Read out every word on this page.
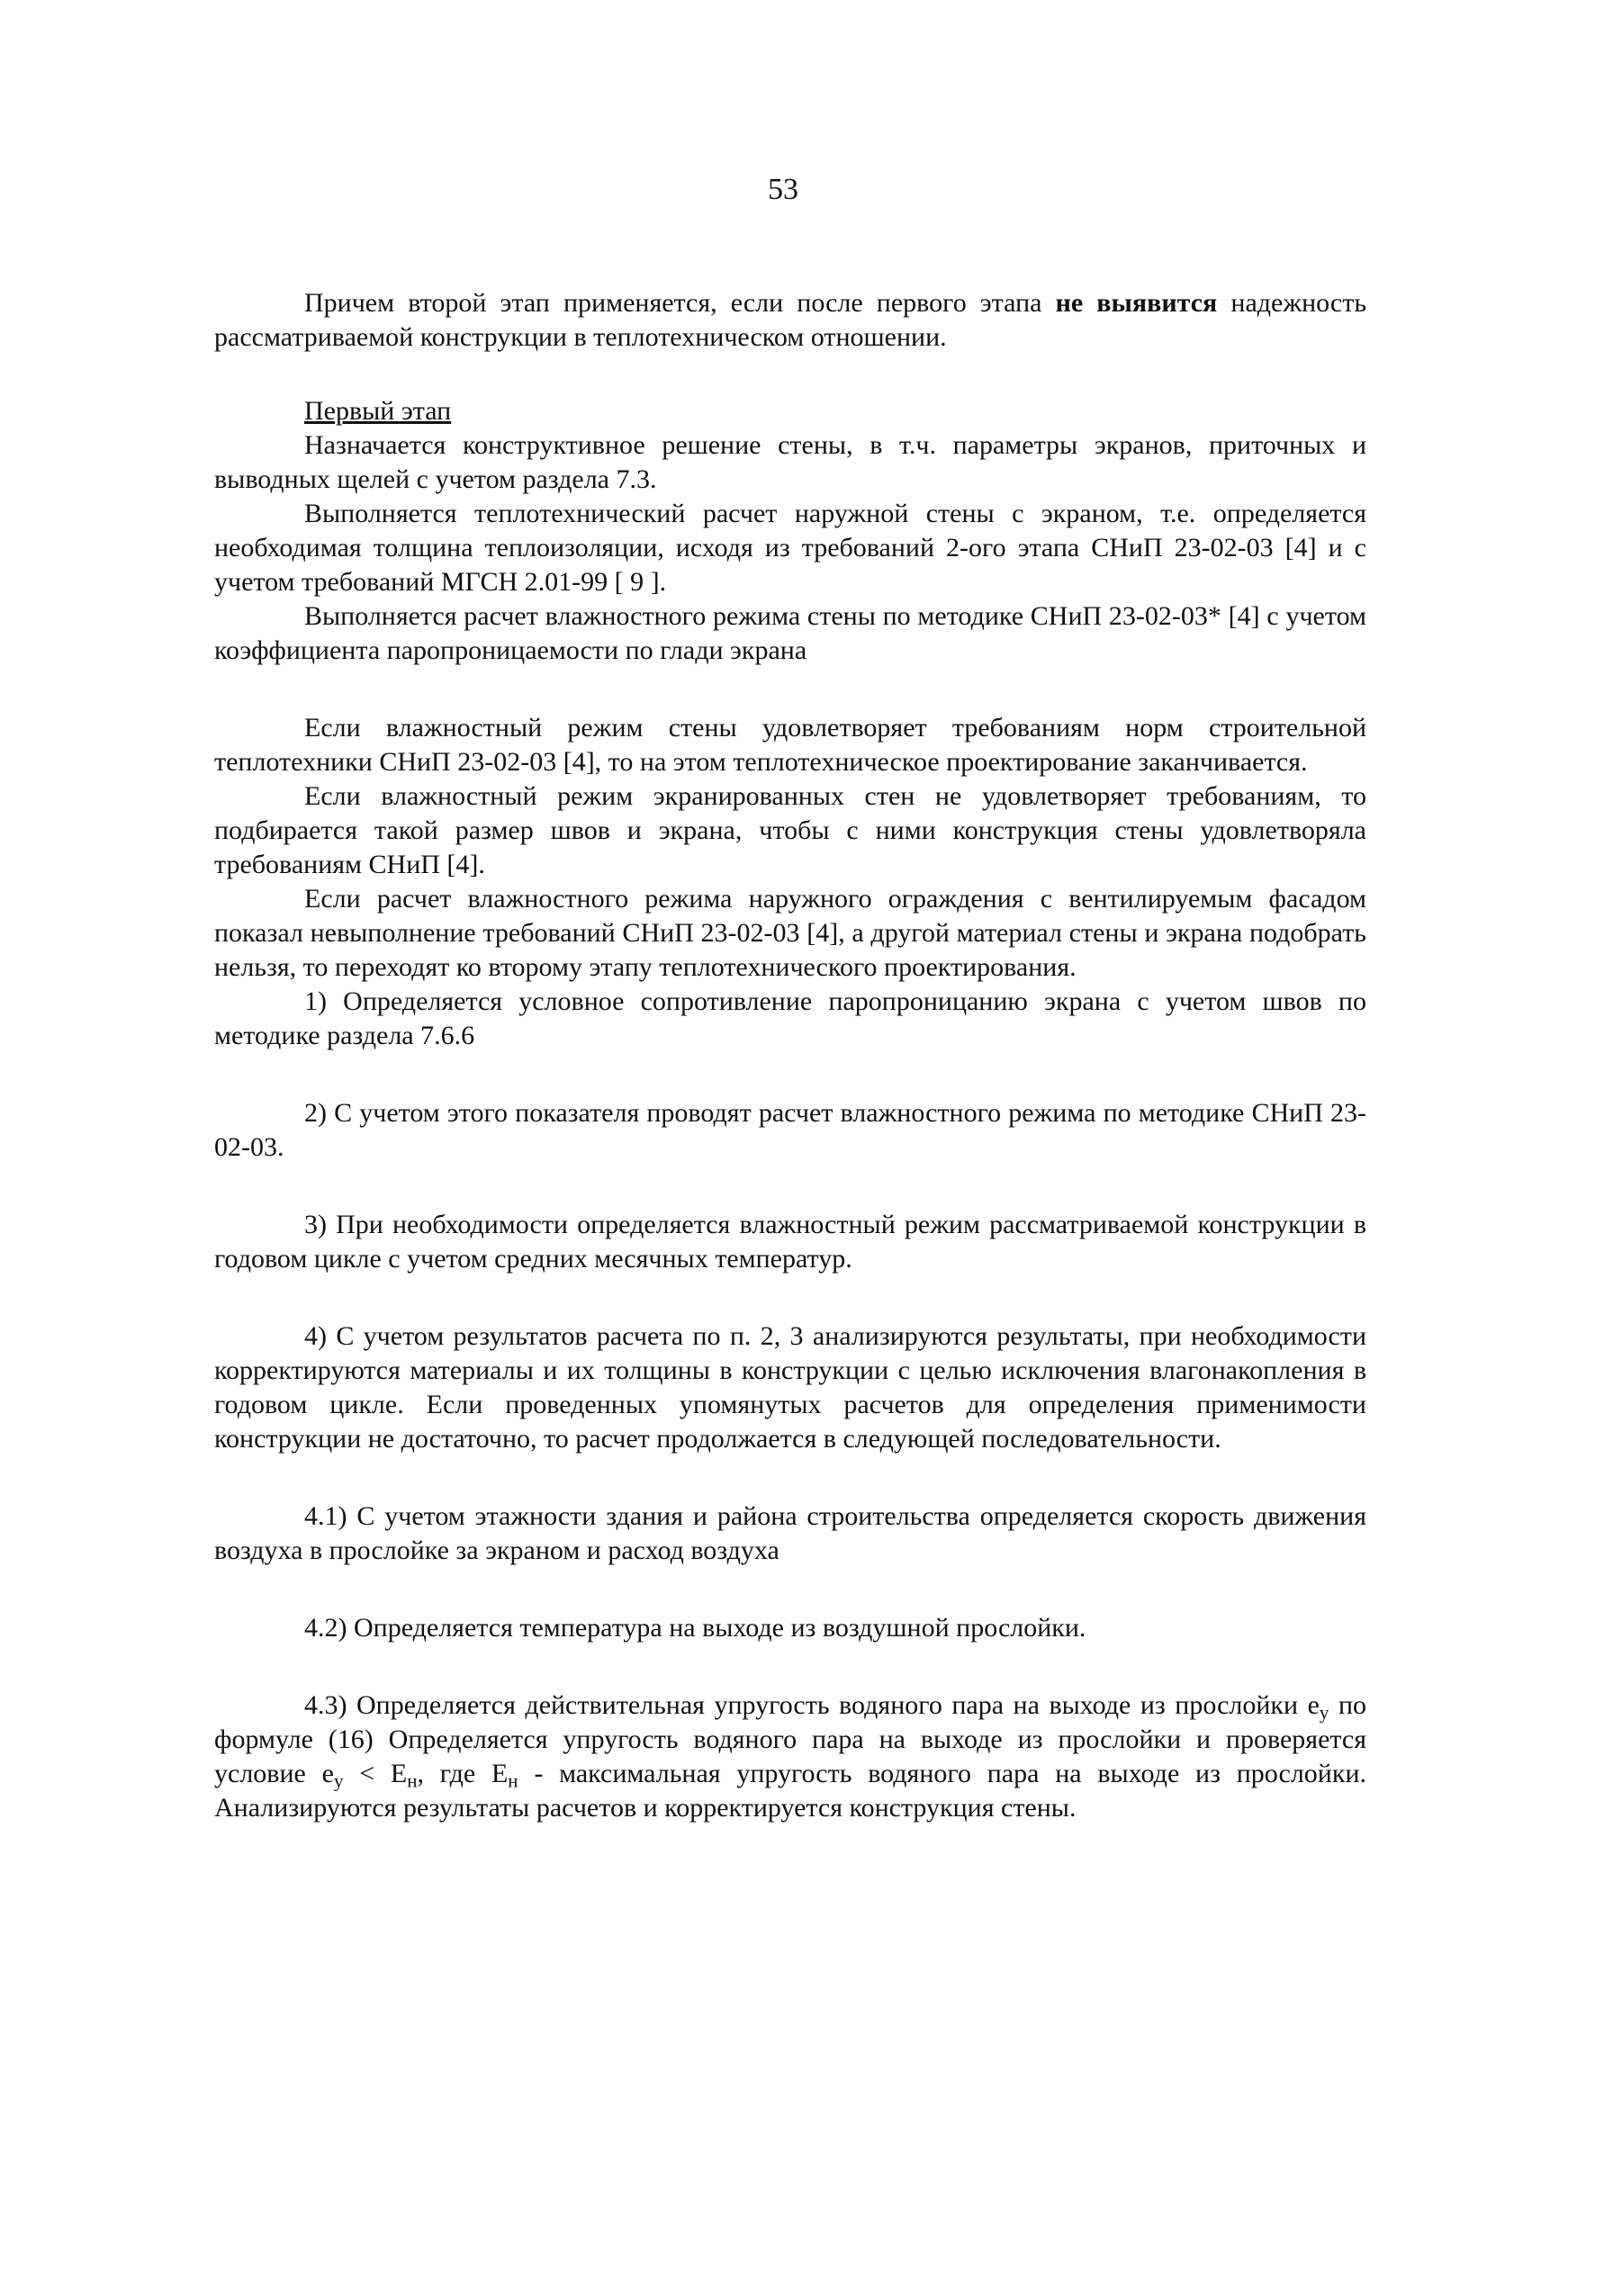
53

Причем второй этап применяется, если после первого этапа не выявится надежность рассматриваемой конструкции в теплотехническом отношении.

Первый этап

Назначается конструктивное решение стены, в т.ч. параметры экранов, приточных и выводных щелей с учетом раздела 7.3.

Выполняется теплотехнический расчет наружной стены с экраном, т.е. определяется необходимая толщина теплоизоляции, исходя из требований 2-ого этапа СНиП 23-02-03 [4] и с учетом требований МГСН 2.01-99 [ 9 ].

Выполняется расчет влажностного режима стены по методике СНиП 23-02-03* [4] с учетом коэффициента паропроницаемости по глади экрана

Если влажностный режим стены удовлетворяет требованиям норм строительной теплотехники СНиП 23-02-03 [4], то на этом теплотехническое проектирование заканчивается.

Если влажностный режим экранированных стен не удовлетворяет требованиям, то подбирается такой размер швов и экрана, чтобы с ними конструкция стены удовлетворяла требованиям СНиП [4].

Если расчет влажностного режима наружного ограждения с вентилируемым фасадом показал невыполнение требований СНиП 23-02-03 [4], а другой материал стены и экрана подобрать нельзя, то переходят ко второму этапу теплотехнического проектирования.

1) Определяется условное сопротивление паропроницанию экрана с учетом швов по методике раздела 7.6.6

2) С учетом этого показателя проводят расчет влажностного режима по методике СНиП 23-02-03.

3) При необходимости определяется влажностный режим рассматриваемой конструкции в годовом цикле с учетом средних месячных температур.

4) С учетом результатов расчета по п. 2, 3 анализируются результаты, при необходимости корректируются материалы и их толщины в конструкции с целью исключения влагонакопления в годовом цикле. Если проведенных упомянутых расчетов для определения применимости конструкции не достаточно, то расчет продолжается в следующей последовательности.

4.1) С учетом этажности здания и района строительства определяется скорость движения воздуха в прослойке за экраном и расход воздуха

4.2) Определяется температура на выходе из воздушной прослойки.

4.3) Определяется действительная упругость водяного пара на выходе из прослойки $e_у$ по формуле (16) Определяется упругость водяного пара на выходе из прослойки и проверяется условие $e_у < E_н$, где $E_н$ - максимальная упругость водяного пара на выходе из прослойки. Анализируются результаты расчетов и корректируется конструкция стены.
